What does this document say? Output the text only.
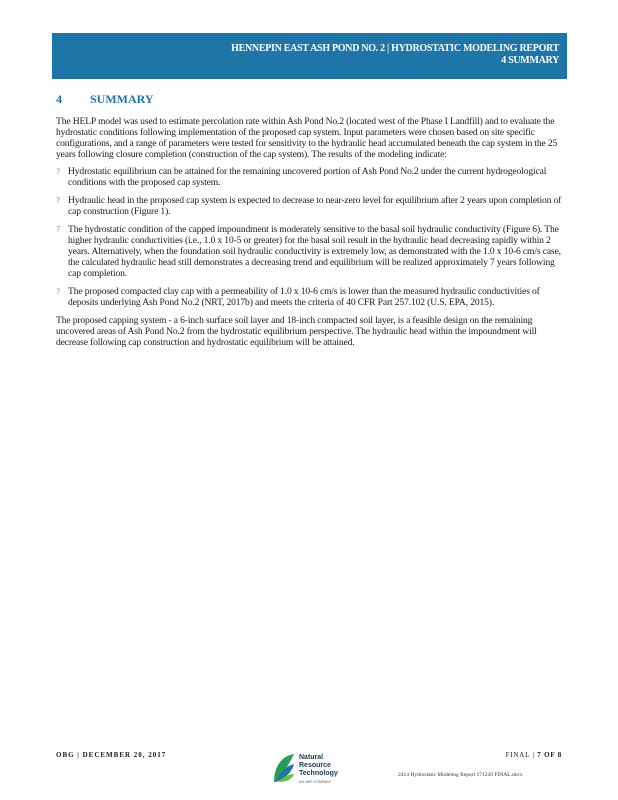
HENNEPIN EAST ASH POND NO. 2 | HYDROSTATIC MODELING REPORT
4 SUMMARY
4 SUMMARY

The HELP model was used to estimate percolation rate within Ash Pond No.2 (located west of the Phase I Landfill) and to evaluate the hydrostatic conditions following implementation of the proposed cap system. Input parameters were chosen based on site specific configurations, and a range of parameters were tested for sensitivity to the hydraulic head accumulated beneath the cap system in the 25 years following closure completion (construction of the cap system). The results of the modeling indicate:

? Hydrostatic equilibrium can be attained for the remaining uncovered portion of Ash Pond No.2 under the current hydrogeological conditions with the proposed cap system.
? Hydraulic head in the proposed cap system is expected to decrease to near-zero level for equilibrium after 2 years upon completion of cap construction (Figure 1).
? The hydrostatic condition of the capped impoundment is moderately sensitive to the basal soil hydraulic conductivity (Figure 6). The higher hydraulic conductivities (i.e., 1.0 x 10-5 or greater) for the basal soil result in the hydraulic head decreasing rapidly within 2 years. Alternatively, when the foundation soil hydraulic conductivity is extremely low, as demonstrated with the 1.0 x 10-6 cm/s case, the calculated hydraulic head still demonstrates a decreasing trend and equilibrium will be realized approximately 7 years following cap completion.
? The proposed compacted clay cap with a permeability of 1.0 x 10-6 cm/s is lower than the measured hydraulic conductivities of deposits underlying Ash Pond No.2 (NRT, 2017b) and meets the criteria of 40 CFR Part 257.102 (U.S. EPA, 2015).

The proposed capping system - a 6-inch surface soil layer and 18-inch compacted soil layer, is a feasible design on the remaining uncovered areas of Ash Pond No.2 from the hydrostatic equilibrium perspective. The hydraulic head within the impoundment will decrease following cap construction and hydrostatic equilibrium will be attained.

OBG | DECEMBER 20, 2017	Natural
Resource
Technology
AN OBG COMPANY
FINAL | 7 OF 8
2414 Hydrostatic Modeling Report 171220 FINAL.docx
